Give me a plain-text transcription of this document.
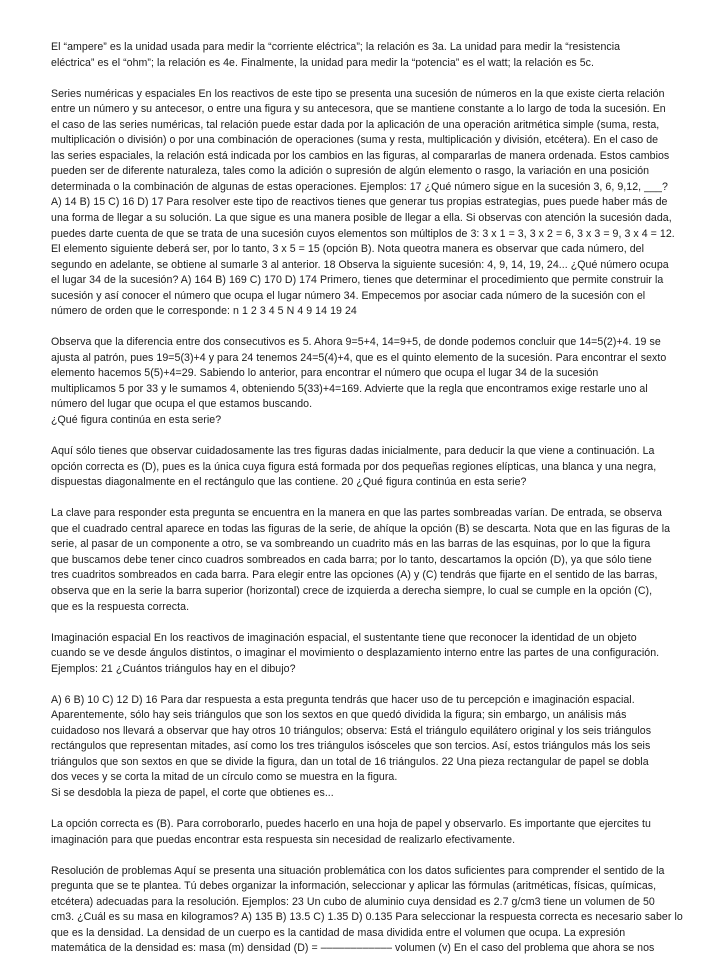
El “ampere” es la unidad usada para medir la “corriente eléctrica”; la relación es 3a. La unidad para medir la “resistencia
eléctrica” es el “ohm”; la relación es 4e. Finalmente, la unidad para medir la “potencia” es el watt; la relación es 5c.

Series numéricas y espaciales En los reactivos de este tipo se presenta una sucesión de números en la que existe cierta relación
entre un número y su antecesor, o entre una figura y su antecesora, que se mantiene constante a lo largo de toda la sucesión. En
el caso de las series numéricas, tal relación puede estar dada por la aplicación de una operación aritmética simple (suma, resta,
multiplicación o división) o por una combinación de operaciones (suma y resta, multiplicación y división, etcétera). En el caso de
las series espaciales, la relación está indicada por los cambios en las figuras, al compararlas de manera ordenada. Estos cambios
pueden ser de diferente naturaleza, tales como la adición o supresión de algún elemento o rasgo, la variación en una posición
determinada o la combinación de algunas de estas operaciones. Ejemplos: 17 ¿Qué número sigue en la sucesión 3, 6, 9,12, ___?
A) 14 B) 15 C) 16 D) 17 Para resolver este tipo de reactivos tienes que generar tus propias estrategias, pues puede haber más de
una forma de llegar a su solución. La que sigue es una manera posible de llegar a ella. Si observas con atención la sucesión dada,
puedes darte cuenta de que se trata de una sucesión cuyos elementos son múltiplos de 3: 3 x 1 = 3, 3 x 2 = 6, 3 x 3 = 9, 3 x 4 = 12.
El elemento siguiente deberá ser, por lo tanto, 3 x 5 = 15 (opción B). Nota queotra manera es observar que cada número, del
segundo en adelante, se obtiene al sumarle 3 al anterior. 18 Observa la siguiente sucesión: 4, 9, 14, 19, 24... ¿Qué número ocupa
el lugar 34 de la sucesión? A) 164 B) 169 C) 170 D) 174 Primero, tienes que determinar el procedimiento que permite construir la
sucesión y así conocer el número que ocupa el lugar número 34. Empecemos por asociar cada número de la sucesión con el
número de orden que le corresponde: n 1 2 3 4 5 N 4 9 14 19 24

Observa que la diferencia entre dos consecutivos es 5. Ahora 9=5+4, 14=9+5, de donde podemos concluir que 14=5(2)+4. 19 se
ajusta al patrón, pues 19=5(3)+4 y para 24 tenemos 24=5(4)+4, que es el quinto elemento de la sucesión. Para encontrar el sexto
elemento hacemos 5(5)+4=29. Sabiendo lo anterior, para encontrar el número que ocupa el lugar 34 de la sucesión
multiplicamos 5 por 33 y le sumamos 4, obteniendo 5(33)+4=169. Advierte que la regla que encontramos exige restarle uno al
número del lugar que ocupa el que estamos buscando.
¿Qué figura continúa en esta serie?

Aquí sólo tienes que observar cuidadosamente las tres figuras dadas inicialmente, para deducir la que viene a continuación. La
opción correcta es (D), pues es la única cuya figura está formada por dos pequeñas regiones elípticas, una blanca y una negra,
dispuestas diagonalmente en el rectángulo que las contiene. 20 ¿Qué figura continúa en esta serie?

La clave para responder esta pregunta se encuentra en la manera en que las partes sombreadas varían. De entrada, se observa
que el cuadrado central aparece en todas las figuras de la serie, de ahíque la opción (B) se descarta. Nota que en las figuras de la
serie, al pasar de un componente a otro, se va sombreando un cuadrito más en las barras de las esquinas, por lo que la figura
que buscamos debe tener cinco cuadros sombreados en cada barra; por lo tanto, descartamos la opción (D), ya que sólo tiene
tres cuadritos sombreados en cada barra. Para elegir entre las opciones (A) y (C) tendrás que fijarte en el sentido de las barras,
observa que en la serie la barra superior (horizontal) crece de izquierda a derecha siempre, lo cual se cumple en la opción (C),
que es la respuesta correcta.

Imaginación espacial En los reactivos de imaginación espacial, el sustentante tiene que reconocer la identidad de un objeto
cuando se ve desde ángulos distintos, o imaginar el movimiento o desplazamiento interno entre las partes de una configuración.
Ejemplos: 21 ¿Cuántos triángulos hay en el dibujo?

A) 6 B) 10 C) 12 D) 16 Para dar respuesta a esta pregunta tendrás que hacer uso de tu percepción e imaginación espacial.
Aparentemente, sólo hay seis triángulos que son los sextos en que quedó dividida la figura; sin embargo, un análisis más
cuidadoso nos llevará a observar que hay otros 10 triángulos; observa: Está el triángulo equilátero original y los seis triángulos
rectángulos que representan mitades, así como los tres triángulos isósceles que son tercios. Así, estos triángulos más los seis
triángulos que son sextos en que se divide la figura, dan un total de 16 triángulos. 22 Una pieza rectangular de papel se dobla
dos veces y se corta la mitad de un círculo como se muestra en la figura.
Si se desdobla la pieza de papel, el corte que obtienes es...

La opción correcta es (B). Para corroborarlo, puedes hacerlo en una hoja de papel y observarlo. Es importante que ejercites tu
imaginación para que puedas encontrar esta respuesta sin necesidad de realizarlo efectivamente.

Resolución de problemas Aquí se presenta una situación problemática con los datos suficientes para comprender el sentido de la
pregunta que se te plantea. Tú debes organizar la información, seleccionar y aplicar las fórmulas (aritméticas, físicas, químicas,
etcétera) adecuadas para la resolución. Ejemplos: 23 Un cubo de aluminio cuya densidad es 2.7 g/cm3 tiene un volumen de 50
cm3. ¿Cuál es su masa en kilogramos? A) 135 B) 13.5 C) 1.35 D) 0.135 Para seleccionar la respuesta correcta es necesario saber lo
que es la densidad. La densidad de un cuerpo es la cantidad de masa dividida entre el volumen que ocupa. La expresión
matemática de la densidad es: masa (m) densidad (D) = –––––––––––– volumen (v) En el caso del problema que ahora se nos
